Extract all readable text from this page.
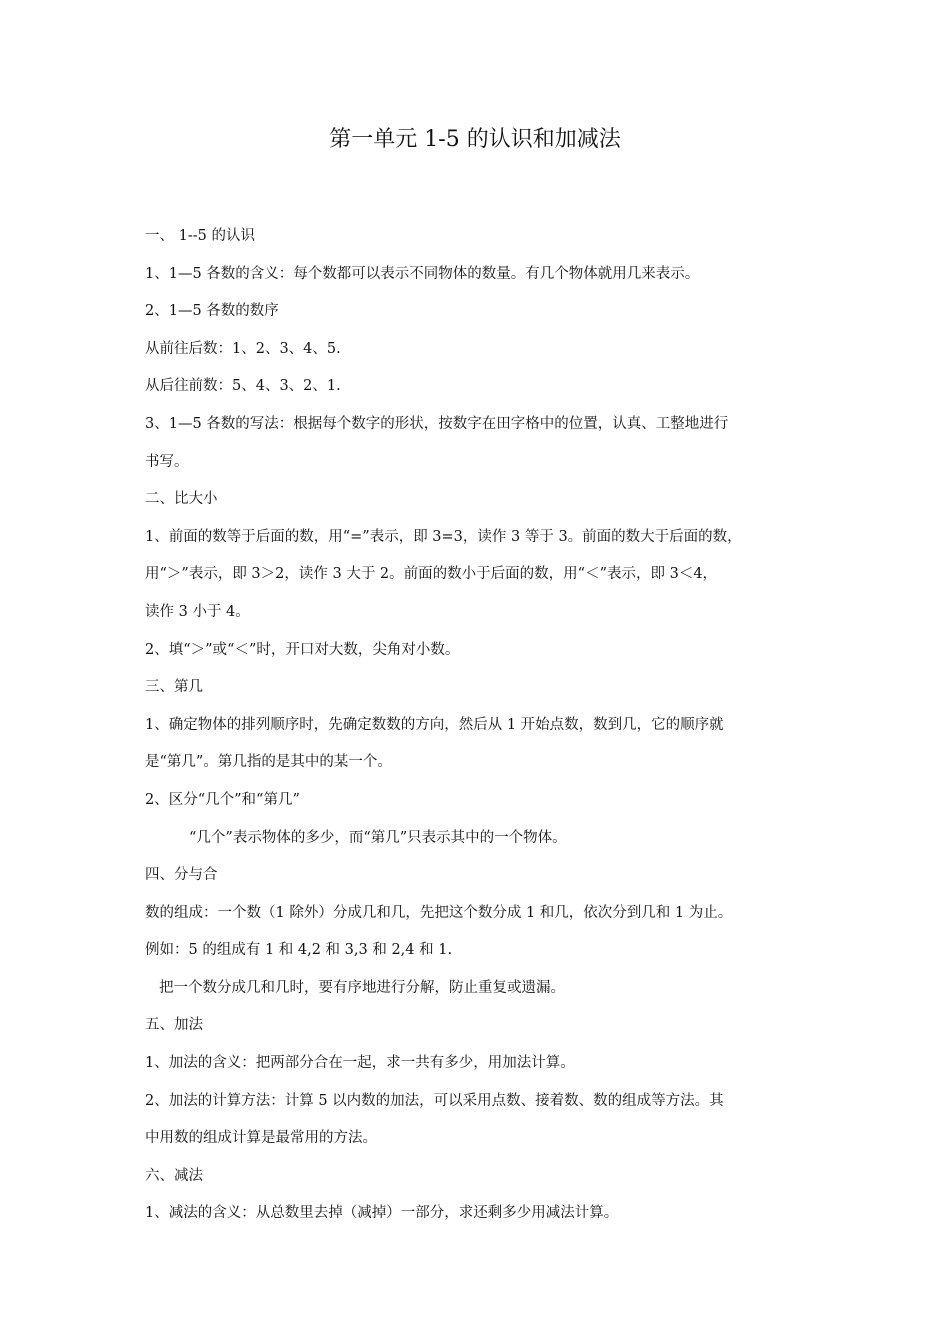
第一单元 1-5 的认识和加减法

一、 1--5 的认识

1、1—5 各数的含义：每个数都可以表示不同物体的数量。有几个物体就用几来表示。

2、1—5 各数的数序

从前往后数：1、2、3、4、5.

从后往前数：5、4、3、2、1.

3、1—5 各数的写法：根据每个数字的形状，按数字在田字格中的位置，认真、工整地进行

书写。

二、比大小

1、前面的数等于后面的数，用“=”表示，即 3=3，读作 3 等于 3。前面的数大于后面的数，

用“＞”表示，即 3＞2，读作 3 大于 2。前面的数小于后面的数，用“＜”表示，即 3＜4，

读作 3 小于 4。

2、填“＞”或“＜”时，开口对大数，尖角对小数。

三、第几

1、确定物体的排列顺序时，先确定数数的方向，然后从 1 开始点数，数到几，它的顺序就

是“第几”。第几指的是其中的某一个。

2、区分“几个”和“第几”

“几个”表示物体的多少，而“第几”只表示其中的一个物体。

四、分与合

数的组成：一个数（1 除外）分成几和几，先把这个数分成 1 和几，依次分到几和 1 为止。

例如：5 的组成有 1 和 4,2 和 3,3 和 2,4 和 1.

把一个数分成几和几时，要有序地进行分解，防止重复或遗漏。

五、加法

1、加法的含义：把两部分合在一起，求一共有多少，用加法计算。

2、加法的计算方法：计算 5 以内数的加法，可以采用点数、接着数、数的组成等方法。其

中用数的组成计算是最常用的方法。

六、减法

1、减法的含义：从总数里去掉（减掉）一部分，求还剩多少用减法计算。
